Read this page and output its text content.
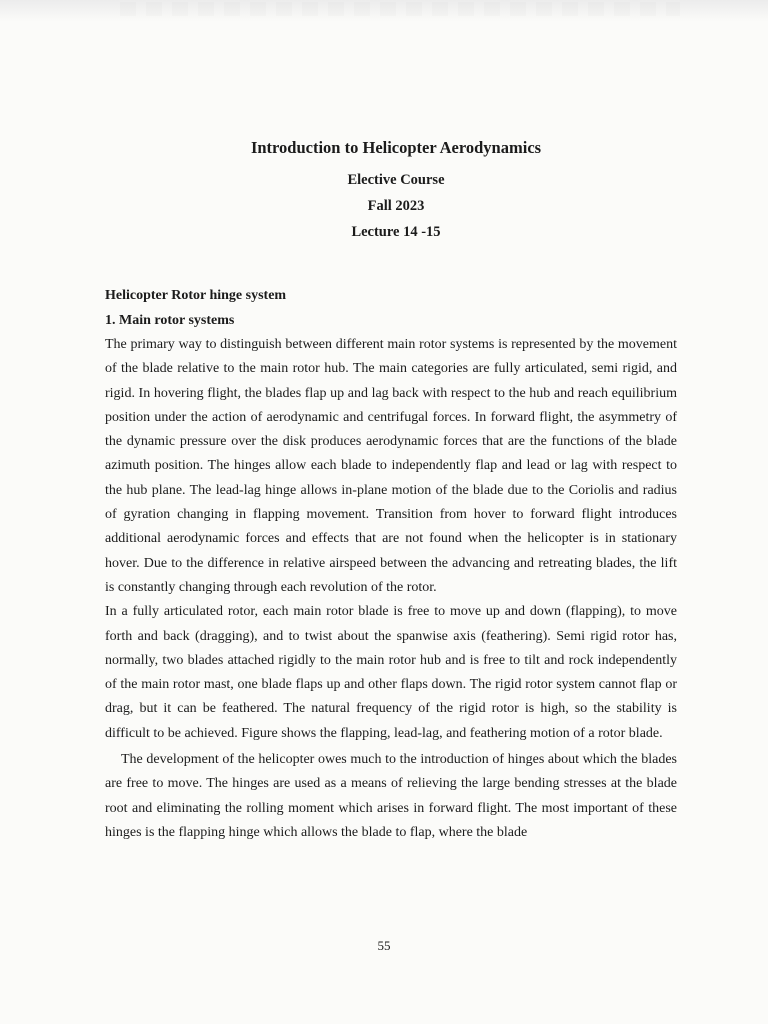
Introduction to Helicopter Aerodynamics

Elective Course

Fall 2023

Lecture 14 -15

Helicopter Rotor hinge system

1. Main rotor systems

The primary way to distinguish between different main rotor systems is represented by the movement of the blade relative to the main rotor hub. The main categories are fully articulated, semi rigid, and rigid. In hovering flight, the blades flap up and lag back with respect to the hub and reach equilibrium position under the action of aerodynamic and centrifugal forces. In forward flight, the asymmetry of the dynamic pressure over the disk produces aerodynamic forces that are the functions of the blade azimuth position. The hinges allow each blade to independently flap and lead or lag with respect to the hub plane. The lead-lag hinge allows in-plane motion of the blade due to the Coriolis and radius of gyration changing in flapping movement. Transition from hover to forward flight introduces additional aerodynamic forces and effects that are not found when the helicopter is in stationary hover. Due to the difference in relative airspeed between the advancing and retreating blades, the lift is constantly changing through each revolution of the rotor.

In a fully articulated rotor, each main rotor blade is free to move up and down (flapping), to move forth and back (dragging), and to twist about the spanwise axis (feathering). Semi rigid rotor has, normally, two blades attached rigidly to the main rotor hub and is free to tilt and rock independently of the main rotor mast, one blade flaps up and other flaps down. The rigid rotor system cannot flap or drag, but it can be feathered. The natural frequency of the rigid rotor is high, so the stability is difficult to be achieved. Figure shows the flapping, lead-lag, and feathering motion of a rotor blade.

The development of the helicopter owes much to the introduction of hinges about which the blades are free to move. The hinges are used as a means of relieving the large bending stresses at the blade root and eliminating the rolling moment which arises in forward flight. The most important of these hinges is the flapping hinge which allows the blade to flap, where the blade

55
